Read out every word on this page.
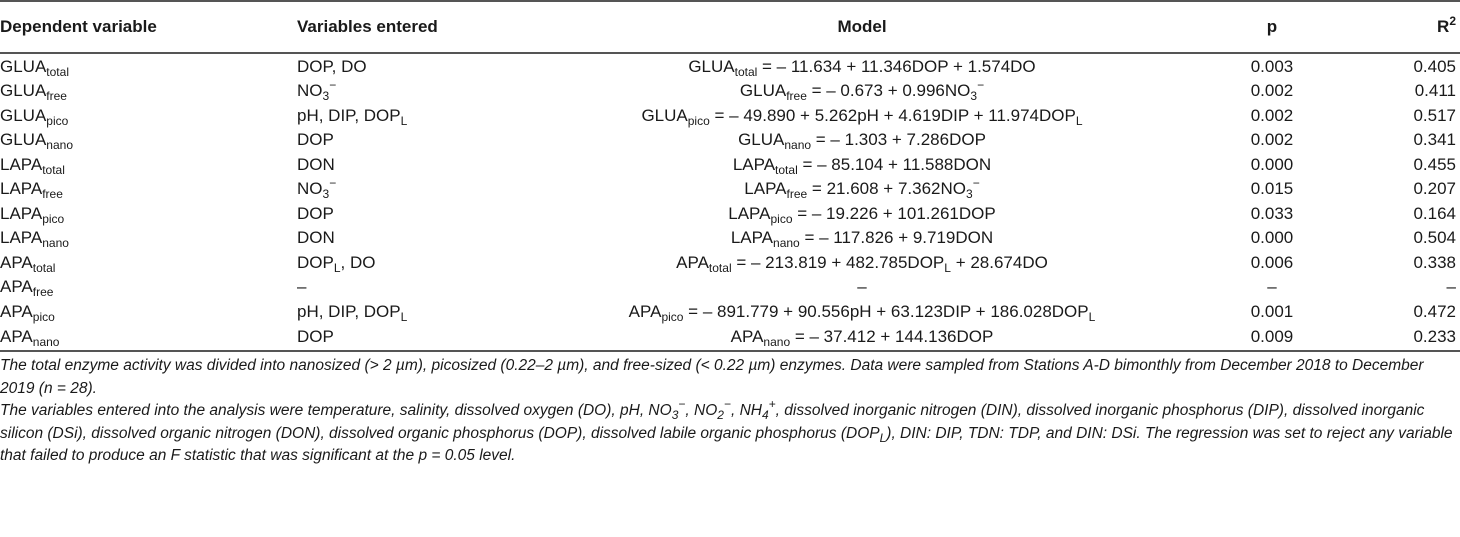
Dependent variable	Variables entered	Model	p	$R^2$
$GLUA_{total}$	DOP, DO	$GLUA_{total}$ = – 11.634 + 11.346DOP + 1.574DO	0.003	0.405
$GLUA_{free}$	$NO_3^-$	$GLUA_{free}$ = – $0.673 + 0.996NO_3^-$	0.002	0.411
$GLUA_{pico}$	pH, DIP, $DOP_L$	$GLUA_{pico}$ = – $49.890 + 5.262pH + 4.619DIP + 11.974DOP_L$	0.002	0.517
$GLUA_{nano}$	DOP	$GLUA_{nano}$ = – 1.303 + 7.286DOP	0.002	0.341
$LAPA_{total}$	DON	$LAPA_{total}$ = – 85.104 + 11.588DON	0.000	0.455
$LAPA_{free}$	$NO_3^-$	$LAPA_{free} = 21.608 + 7.362NO_3^-$	0.015	0.207
$LAPA_{pico}$	DOP	$LAPA_{pico}$ = – 19.226 + 101.261DOP	0.033	0.164
$LAPA_{nano}$	DON	$LAPA_{nano}$ = – 117.826 + 9.719DON	0.000	0.504
$APA_{total}$	$DOP_L$, DO	$APA_{total}$ = – $213.819 + 482.785DOP_L + 28.674DO$	0.006	0.338
$APA_{free}$	–	–	–	–
$APA_{pico}$	pH, DIP, $DOP_L$	$APA_{pico}$ = – $891.779 + 90.556pH + 63.123DIP + 186.028DOP_L$	0.001	0.472
$APA_{nano}$	DOP	$APA_{nano}$ = – 37.412 + 144.136DOP	0.009	0.233

The total enzyme activity was divided into nanosized (> 2 µm), picosized (0.22–2 µm), and free-sized (< 0.22 µm) enzymes. Data were sampled from Stations A-D bimonthly from December 2018 to December 2019 (n = 28).

The variables entered into the analysis were temperature, salinity, dissolved oxygen (DO), pH, $NO_3^-$, $NO_2^-$, $NH_4^+$, dissolved inorganic nitrogen (DIN), dissolved inorganic phosphorus (DIP), dissolved inorganic silicon (DSi), dissolved organic nitrogen (DON), dissolved organic phosphorus (DOP), dissolved labile organic phosphorus $(DOP_L)$, DIN: DIP, TDN: TDP, and DIN: DSi. The regression was set to reject any variable that failed to produce an F statistic that was significant at the p = 0.05 level.
